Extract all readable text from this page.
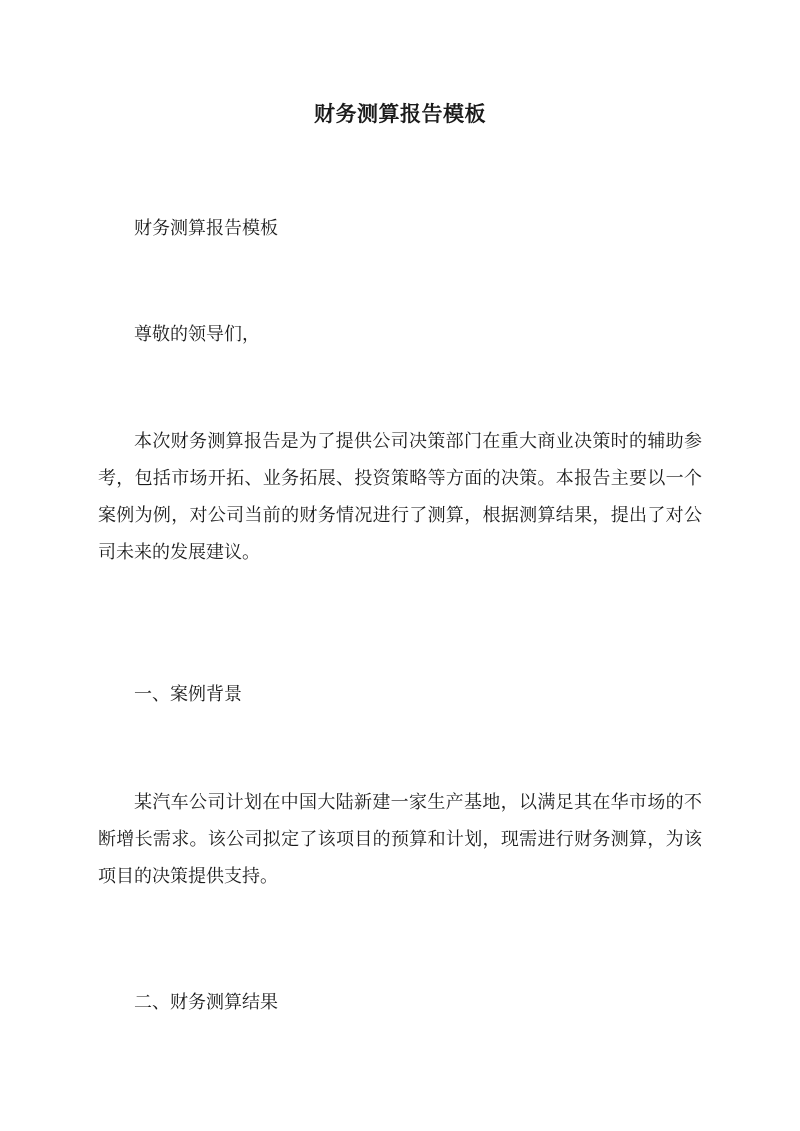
财务测算报告模板

财务测算报告模板

尊敬的领导们，

本次财务测算报告是为了提供公司决策部门在重大商业决策时的辅助参考，包括市场开拓、业务拓展、投资策略等方面的决策。本报告主要以一个案例为例，对公司当前的财务情况进行了测算，根据测算结果，提出了对公司未来的发展建议。

一、案例背景

某汽车公司计划在中国大陆新建一家生产基地，以满足其在华市场的不断增长需求。该公司拟定了该项目的预算和计划，现需进行财务测算，为该项目的决策提供支持。

二、财务测算结果
